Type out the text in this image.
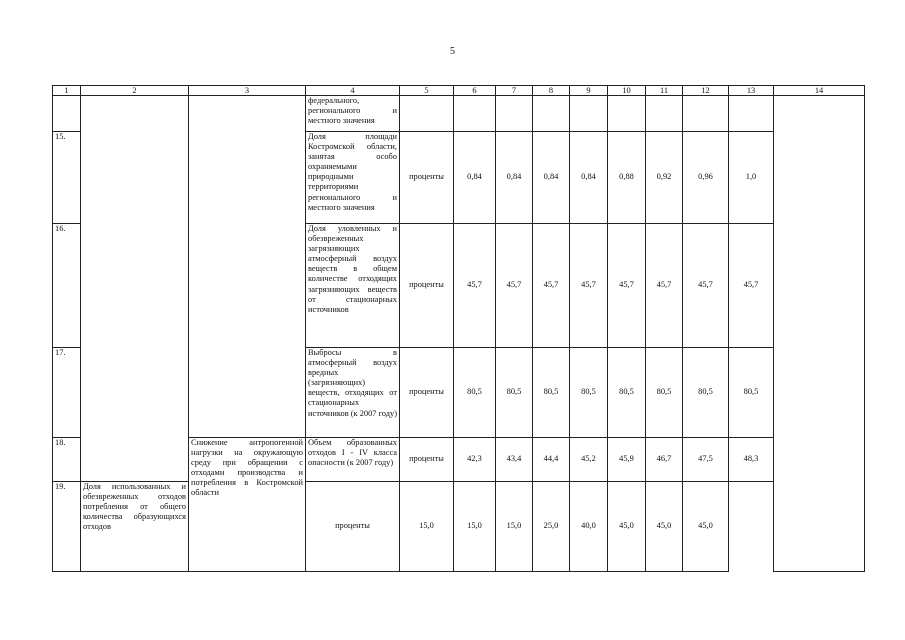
5
1	2	3	4	5	6	7	8	9	10	11	12	13	14
			федерального, регионального и местного значения										
15.			Доля площади Костромской области, занятая особо охраняемыми природными территориями регионального и местного значения	проценты	0,84	0,84	0,84	0,84	0,88	0,92	0,96	1,0	
16.			Доля уловленных и обезвреженных загрязняющих атмосферный воздух веществ в общем количестве отходящих загрязняющих веществ от стационарных источников	проценты	45,7	45,7	45,7	45,7	45,7	45,7	45,7	45,7	
17.			Выбросы в атмосферный воздух вредных (загрязняющих) веществ, отходящих от стационарных источников (к 2007 году)	проценты	80,5	80,5	80,5	80,5	80,5	80,5	80,5	80,5	
18.		Снижение антропогенной нагрузки на окружающую среду при обращении с отходами производства и потребления в Костромской области	Объем образованных отходов I - IV класса опасности (к 2007 году)	проценты	42,3	43,4	44,4	45,2	45,9	46,7	47,5	48,3	
19.	Доля использованных и обезвреженных отходов потребления от общего количества образующихся отходов		проценты	15,0	15,0	15,0	25,0	40,0	45,0	45,0	45,0		
